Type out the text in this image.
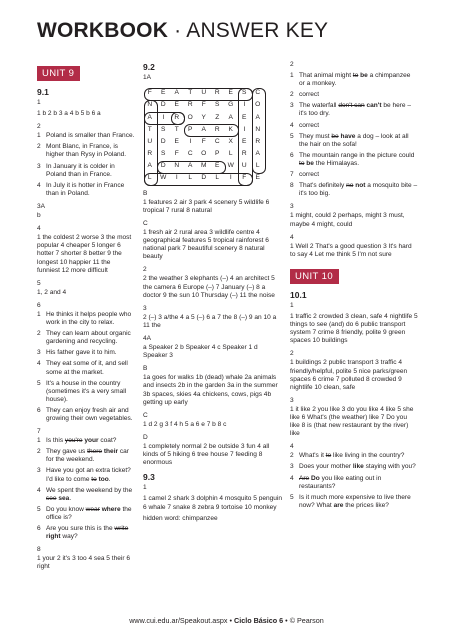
WORKBOOK · ANSWER KEY
UNIT 9
9.1

1

1 b 2 b 3 a 4 b 5 b 6 a

2

1 Poland is smaller than France.
2 Mont Blanc, in France, is higher than Rysy in Poland.
3 In January it is colder in Poland than in France.
4 In July it is hotter in France than in Poland.

3A

b

4

1 the coldest 2 worse 3 the most popular 4 cheaper 5 longer 6 hotter 7 shorter 8 better 9 the longest 10 happier 11 the funniest 12 more difficult

5

1, 2 and 4

6

1 He thinks it helps people who work in the city to relax.
2 They can learn about organic gardening and recycling.
3 His father gave it to him.
4 They eat some of it, and sell some at the market.
5 It's a house in the country (sometimes it's a very small house).
6 They can enjoy fresh air and growing their own vegetables.

7

1 Is this you're your coat?
2 They gave us there their car for the weekend.
3 Have you got an extra ticket? I'd like to come to too.
4 We spent the weekend by the see sea.
5 Do you know wear where the office is?
6 Are you sure this is the write right way?

8

1 your 2 it's 3 too 4 sea 5 their 6 right

9.2

1A

F	E	A	T	U	R	E	S	C
N	D	E	R	F	S	G	I	O
A	I	R	O	Y	Z	A	E	A
T	S	T	P	A	R	K	I	N
U	D	E	I	F	C	X	E	R
R	S	F	C	O	P	L	R	A
A	D	N	A	M	E	W	U	L
L	W	I	L	D	L	I	F	E

B

1 features 2 air 3 park 4 scenery 5 wildlife 6 tropical 7 rural 8 natural

C

1 fresh air 2 rural area 3 wildlife centre 4 geographical features 5 tropical rainforest 6 national park 7 beautiful scenery 8 natural beauty

2

2 the weather 3 elephants (–) 4 an architect 5 the camera 6 Europe (–) 7 January (–) 8 a doctor 9 the sun 10 Thursday (–) 11 the noise

3

2 (–) 3 a/the 4 a 5 (–) 6 a 7 the 8 (–) 9 an 10 a 11 the

4A

a Speaker 2 b Speaker 4 c Speaker 1 d Speaker 3

B

1a goes for walks 1b (dead) whale 2a animals and insects 2b in the garden 3a in the summer 3b spaces, skies 4a chickens, cows, pigs 4b getting up early

C

1 d 2 g 3 f 4 h 5 a 6 e 7 b 8 c

D

1 completely normal 2 be outside 3 fun 4 all kinds of 5 hiking 6 tree house 7 feeding 8 enormous

9.3

1

1 camel 2 shark 3 dolphin 4 mosquito 5 penguin 6 whale 7 snake 8 zebra 9 tortoise 10 monkey

hidden word: chimpanzee

2

1 That animal might to be a chimpanzee or a monkey.
2 correct
3 The waterfall don't can can't be here – it's too dry.
4 correct
5 They must be have a dog – look at all the hair on the sofa!
6 The mountain range in the picture could to be the Himalayas.
7 correct
8 That's definitely no not a mosquito bite – it's too big.

3

1 might, could 2 perhaps, might 3 must, maybe 4 might, could

4

1 Well 2 That's a good question 3 It's hard to say 4 Let me think 5 I'm not sure

UNIT 10
10.1

1

1 traffic 2 crowded 3 clean, safe 4 nightlife 5 things to see (and) do 6 public transport system 7 crime 8 friendly, polite 9 green spaces 10 buildings

2

1 buildings 2 public transport 3 traffic 4 friendly/helpful, polite 5 nice parks/green spaces 6 crime 7 polluted 8 crowded 9 nightlife 10 clean, safe

3

1 it like 2 you like 3 do you like 4 like 5 she like 6 What's (the weather) like 7 Do you like 8 is (that new restaurant by the river) like

4

2 What's it to like living in the country?
3 Does your mother like staying with you?
4 Are Do you like eating out in restaurants?
5 Is it much more expensive to live there now? What are the prices like?
www.cui.edu.ar/Speakout.aspx • Ciclo Básico 6 • © Pearson
